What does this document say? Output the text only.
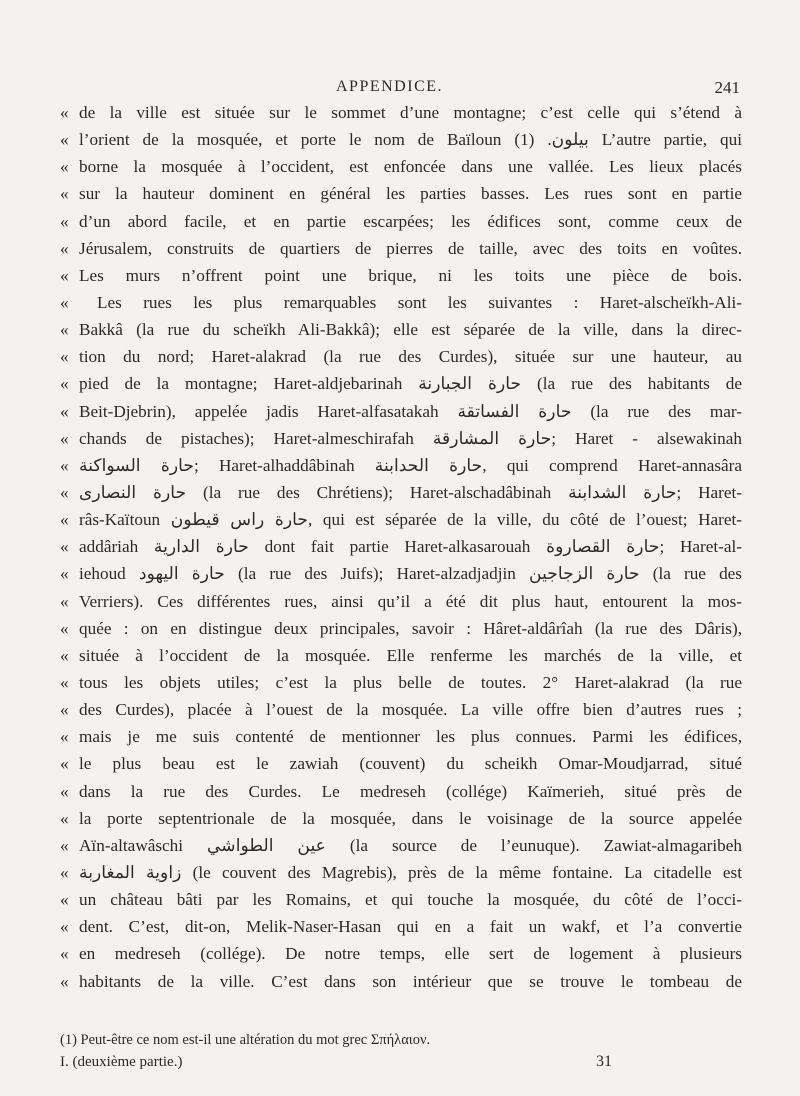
APPENDICE.	241
« de la ville est située sur le sommet d’une montagne; c’est celle qui s’étend à
« l’orient de la mosquée, et porte le nom de Baïloun بيلون. (1) L’autre partie, qui
« borne la mosquée à l’occident, est enfoncée dans une vallée. Les lieux placés
« sur la hauteur dominent en général les parties basses. Les rues sont en partie
« d’un abord facile, et en partie escarpées; les édifices sont, comme ceux de
« Jérusalem, construits de quartiers de pierres de taille, avec des toits en voûtes.
« Les murs n’offrent point une brique, ni les toits une pièce de bois.
« Les rues les plus remarquables sont les suivantes : Haret-alscheïkh-Ali-
« Bakkâ (la rue du scheïkh Ali-Bakkâ); elle est séparée de la ville, dans la direc-
« tion du nord; Haret-alakrad (la rue des Curdes), située sur une hauteur, au
« pied de la montagne; Haret-aldjebarinah حارة الجبارنة (la rue des habitants de
« Beit-Djebrin), appelée jadis Haret-alfasatakah حارة الفساتقة (la rue des mar-
« chands de pistaches); Haret-almeschirafah حارة المشارقة; Haret - alsewakinah
« حارة السواكنة; Haret-alhaddâbinah حارة الحدابنة, qui comprend Haret-annasâra
« حارة النصارى (la rue des Chrétiens); Haret-alschadâbinah حارة الشدابنة; Haret-
« râs-Kaïtoun حارة راس قيطون, qui est séparée de la ville, du côté de l’ouest; Haret-
« addâriah حارة الدارية dont fait partie Haret-alkasarouah حارة القصاروة; Haret-al-
« iehoud حارة اليهود (la rue des Juifs); Haret-alzadjadjin حارة الزجاجين (la rue des
« Verriers). Ces différentes rues, ainsi qu’il a été dit plus haut, entourent la mos-
« quée : on en distingue deux principales, savoir : Hâret-aldârîah (la rue des Dâris),
« située à l’occident de la mosquée. Elle renferme les marchés de la ville, et
« tous les objets utiles; c’est la plus belle de toutes. 2° Haret-alakrad (la rue
« des Curdes), placée à l’ouest de la mosquée. La ville offre bien d’autres rues ;
« mais je me suis contenté de mentionner les plus connues. Parmi les édifices,
« le plus beau est le zawiah (couvent) du scheikh Omar-Moudjarrad, situé
« dans la rue des Curdes. Le medreseh (collége) Kaïmerieh, situé près de
« la porte septentrionale de la mosquée, dans le voisinage de la source appelée
« Aïn-altawâschi عين الطواشي (la source de l’eunuque). Zawiat-almagaribeh
« زاوية المغاربة (le couvent des Magrebis), près de la même fontaine. La citadelle est
« un château bâti par les Romains, et qui touche la mosquée, du côté de l’occi-
« dent. C’est, dit-on, Melik-Naser-Hasan qui en a fait un wakf, et l’a convertie
« en medreseh (collége). De notre temps, elle sert de logement à plusieurs
« habitants de la ville. C’est dans son intérieur que se trouve le tombeau de
(1) Peut-être ce nom est-il une altération du mot grec Σπήλαιον.
I. (deuxième partie.)	31
